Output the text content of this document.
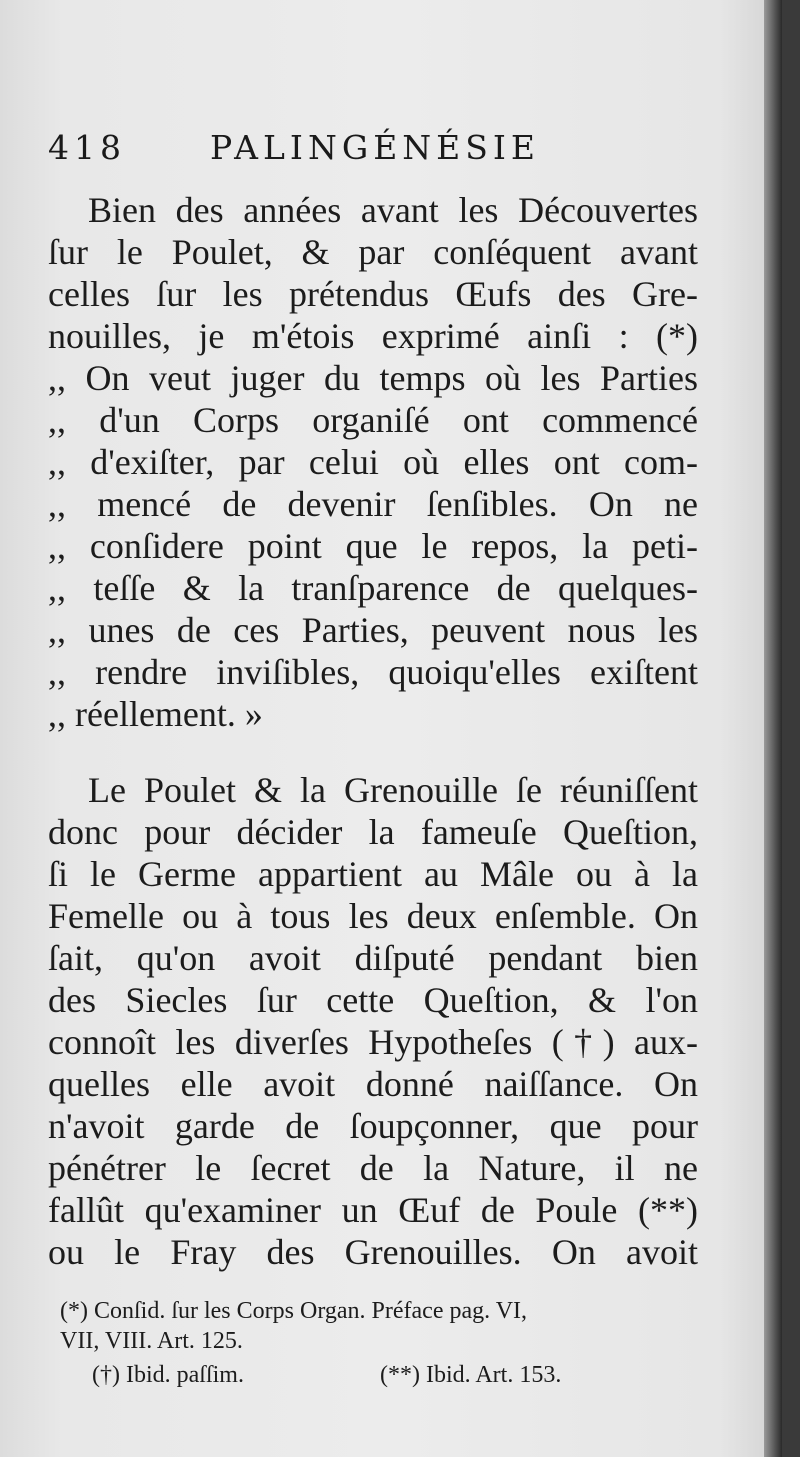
418	PALINGÉNÉSIE
Bien des années avant les Découvertes
ſur le Poulet, & par conſéquent avant
celles ſur les prétendus Œufs des Gre-
nouilles, je m'étois exprimé ainſi : (*)
,, On veut juger du temps où les Parties
,, d'un Corps organiſé ont commencé
,, d'exiſter, par celui où elles ont com-
,, mencé de devenir ſenſibles. On ne
,, conſidere point que le repos, la peti-
,, teſſe & la tranſparence de quelques-
,, unes de ces Parties, peuvent nous les
,, rendre inviſibles, quoiqu'elles exiſtent
,, réellement. »
Le Poulet & la Grenouille ſe réuniſſent
donc pour décider la fameuſe Queſtion,
ſi le Germe appartient au Mâle ou à la
Femelle ou à tous les deux enſemble. On
ſait, qu'on avoit diſputé pendant bien
des Siecles ſur cette Queſtion, & l'on
connoît les diverſes Hypotheſes (†) aux-
quelles elle avoit donné naiſſance. On
n'avoit garde de ſoupçonner, que pour
pénétrer le ſecret de la Nature, il ne
fallût qu'examiner un Œuf de Poule (**)
ou le Fray des Grenouilles. On avoit
(*) Conſid. ſur les Corps Organ. Préface pag. VI,
VII, VIII. Art. 125.
(†) Ibid. paſſim.	(**) Ibid. Art. 153.
